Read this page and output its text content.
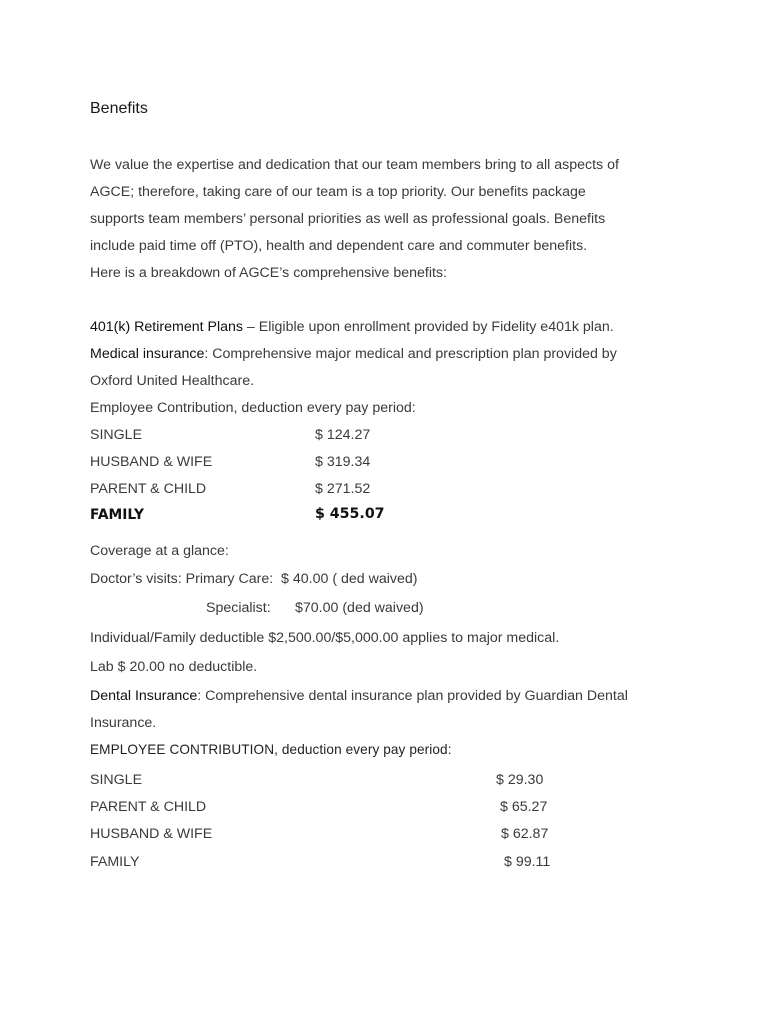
Benefits
We value the expertise and dedication that our team members bring to all aspects of
AGCE; therefore, taking care of our team is a top priority. Our benefits package
supports team members’ personal priorities as well as professional goals. Benefits
include paid time off (PTO), health and dependent care and commuter benefits.
Here is a breakdown of AGCE’s comprehensive benefits:
401(k) Retirement Plans – Eligible upon enrollment provided by Fidelity e401k plan.
Medical insurance: Comprehensive major medical and prescription plan provided by
Oxford United Healthcare.
Employee Contribution, deduction every pay period:
SINGLE	$ 124.27
HUSBAND & WIFE	$ 319.34
PARENT & CHILD	$ 271.52
FAMILY	$ 455.07
Coverage at a glance:
Doctor’s visits: Primary Care: $ 40.00 ( ded waived)
Specialist: $70.00 (ded waived)
Individual/Family deductible $2,500.00/$5,000.00 applies to major medical.
Lab $ 20.00 no deductible.
Dental Insurance: Comprehensive dental insurance plan provided by Guardian Dental
Insurance.
EMPLOYEE CONTRIBUTION, deduction every pay period:
SINGLE	$ 29.30
PARENT & CHILD	$ 65.27
HUSBAND & WIFE	$ 62.87
FAMILY	$ 99.11
